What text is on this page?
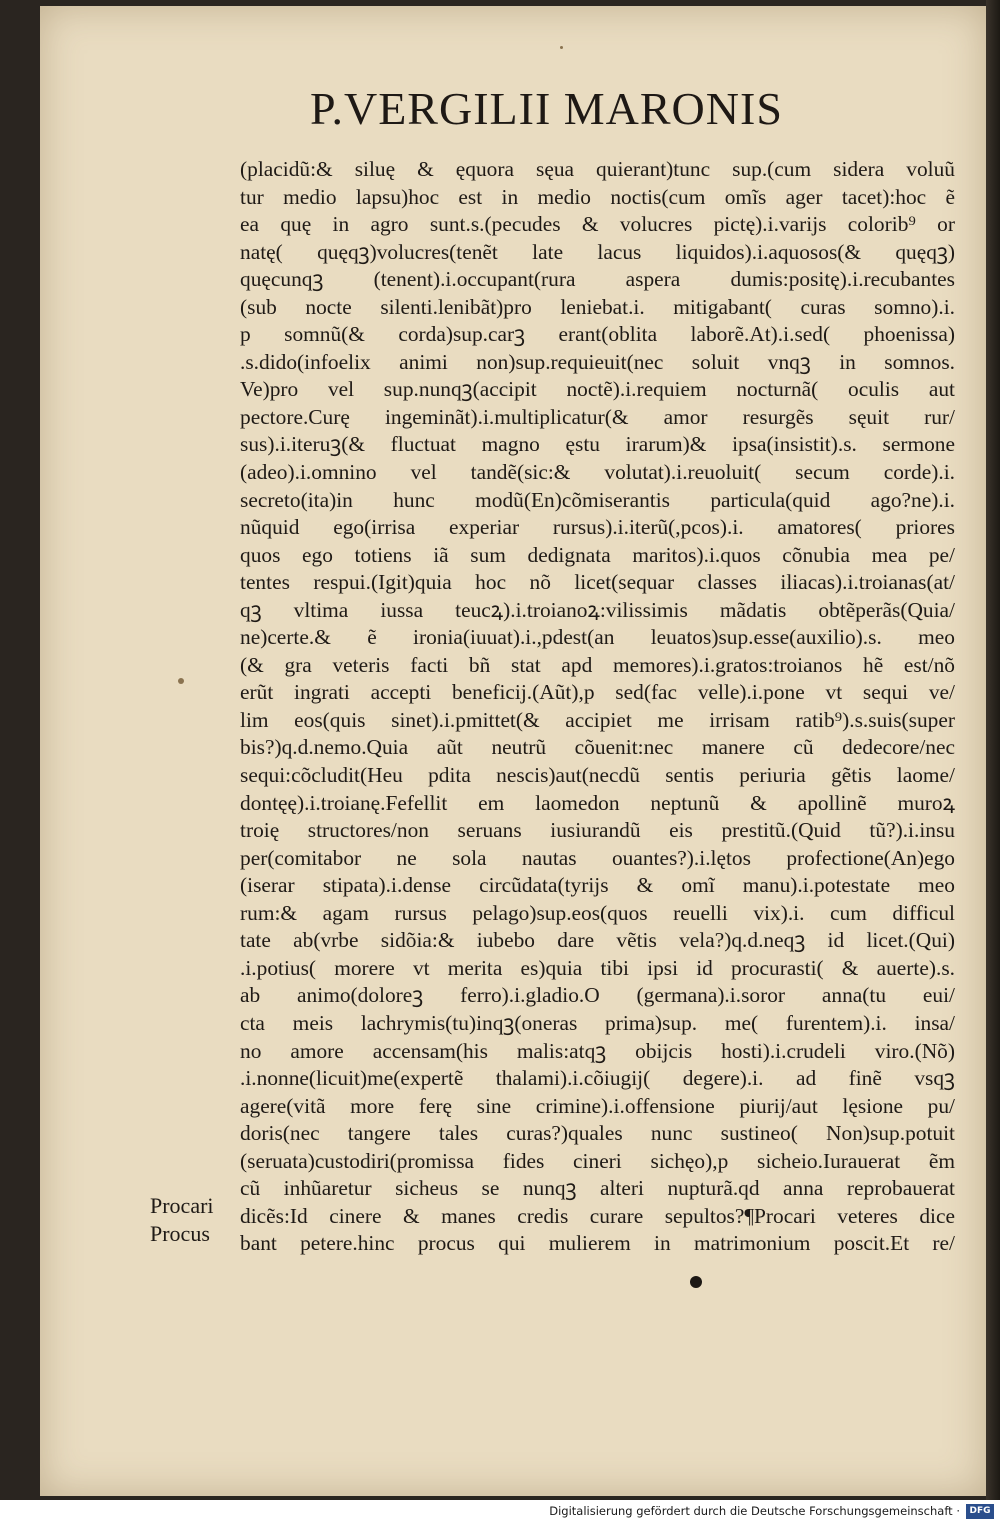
P.VERGILII MARONIS
(placidũ:& siluę & ęquora sęua quierant)tunc sup.(cum sidera voluũ
tur medio lapsu)hoc est in medio noctis(cum omĩs ager tacet):hoc ẽ
ea quę in agro sunt.s.(pecudes & volucres pictę).i.varijs colorib⁹ or
natę( quęqꝫ)volucres(tenẽt late lacus liquidos).i.aquosos(& quęqꝫ)
quęcunqꝫ (tenent).i.occupant(rura aspera dumis:positę).i.recubantes
(sub nocte silenti.lenibãt)pro leniebat.i. mitigabant( curas somno).i.
p somnũ(& corda)sup.carꝫ erant(oblita laborẽ.At).i.sed( phoenissa)
.s.dido(infoelix animi non)sup.requieuit(nec soluit vnqꝫ in somnos.
Ve)pro vel sup.nunqꝫ(accipit noctẽ).i.requiem nocturnã( oculis aut
pectore.Curę ingeminãt).i.multiplicatur(& amor resurgẽs sęuit rur/
sus).i.iteruꝫ(& fluctuat magno ęstu irarum)& ipsa(insistit).s. sermone
(adeo).i.omnino vel tandẽ(sic:& volutat).i.reuoluit( secum corde).i.
secreto(ita)in hunc modũ(En)cõmiserantis particula(quid ago?ne).i.
nũquid ego(irrisa experiar rursus).i.iterũ(,pcos).i. amatores( priores
quos ego totiens iã sum dedignata maritos).i.quos cõnubia mea pe/
tentes respui.(Igit)quia hoc nõ licet(sequar classes iliacas).i.troianas(at/
qꝫ vltima iussa teucꝝ).i.troianoꝝ:vilissimis mãdatis obtẽperãs(Quia/
ne)certe.& ẽ ironia(iuuat).i.,pdest(an leuatos)sup.esse(auxilio).s. meo
(& gra veteris facti bñ stat apd memores).i.gratos:troianos hẽ est/nõ
erũt ingrati accepti beneficij.(Aũt),p sed(fac velle).i.pone vt sequi ve/
lim eos(quis sinet).i.pmittet(& accipiet me irrisam ratib⁹).s.suis(super
bis?)q.d.nemo.Quia aũt neutrũ cõuenit:nec manere cũ dedecore/nec
sequi:cõcludit(Heu pdita nescis)aut(necdũ sentis periuria gẽtis laome/
dontęę).i.troianę.Fefellit em laomedon neptunũ & apollinẽ muroꝝ
troię structores/non seruans iusiurandũ eis prestitũ.(Quid tũ?).i.insu
per(comitabor ne sola nautas ouantes?).i.lętos profectione(An)ego
(iserar stipata).i.dense circũdata(tyrijs & omĩ manu).i.potestate meo
rum:& agam rursus pelago)sup.eos(quos reuelli vix).i. cum difficul
tate ab(vrbe sidõia:& iubebo dare vẽtis vela?)q.d.neqꝫ id licet.(Qui)
.i.potius( morere vt merita es)quia tibi ipsi id procurasti( & auerte).s.
ab animo(doloreꝫ ferro).i.gladio.O (germana).i.soror anna(tu eui/
cta meis lachrymis(tu)inqꝫ(oneras prima)sup. me( furentem).i. insa/
no amore accensam(his malis:atqꝫ obijcis hosti).i.crudeli viro.(Nõ)
.i.nonne(licuit)me(expertẽ thalami).i.cõiugij( degere).i. ad finẽ vsqꝫ
agere(vitã more ferę sine crimine).i.offensione piurij/aut lęsione pu/
doris(nec tangere tales curas?)quales nunc sustineo( Non)sup.potuit
(seruata)custodiri(promissa fides cineri sichęo),p sicheio.Iurauerat ẽm
cũ inhũaretur sicheus se nunqꝫ alteri nupturã.qd anna reprobauerat
dicẽs:Id cinere & manes credis curare sepultos?¶Procari veteres dice
bant petere.hinc procus qui mulierem in matrimonium poscit.Et re/
Procari
Procus
Digitalisierung gefördert durch die Deutsche Forschungsgemeinschaft ·	DFG
